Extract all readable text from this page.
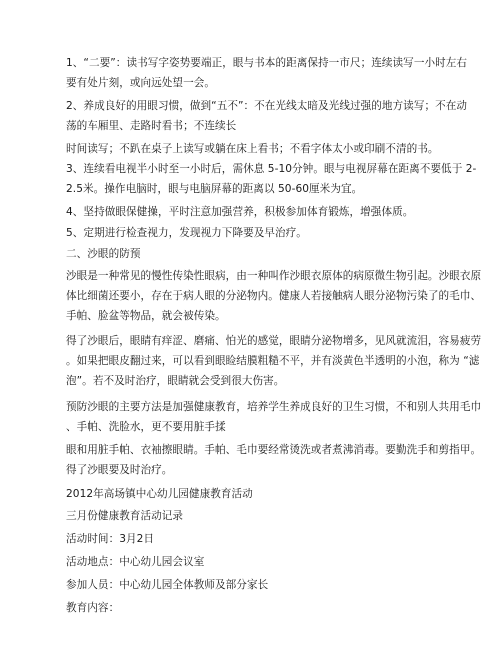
1、“二要”：读书写字姿势要端正，眼与书本的距离保持一市尺；连续读写一小时左右
要有处片刻，或向远处望一会。
2、养成良好的用眼习惯，做到“五不”：不在光线太暗及光线过强的地方读写；不在动
荡的车厢里、走路时看书；不连续长
时间读写；不趴在桌子上读写或躺在床上看书；不看字体太小或印刷不清的书。
3、连续看电视半小时至一小时后，需休息 5-10分钟。眼与电视屏幕在距离不要低于 2-
2.5米。操作电脑时，眼与电脑屏幕的距离以 50-60厘米为宜。
4、坚持做眼保健操，平时注意加强营养，积极参加体育锻炼，增强体质。
5、定期进行检查视力，发现视力下降要及早治疗。
二、沙眼的防预
沙眼是一种常见的慢性传染性眼病，由一种叫作沙眼衣原体的病原微生物引起。沙眼衣原
体比细菌还要小，存在于病人眼的分泌物内。健康人若接触病人眼分泌物污染了的毛巾、
手帕、脸盆等物品，就会被传染。
得了沙眼后，眼睛有痒涩、磨痛、怕光的感觉，眼睛分泌物增多，见风就流泪，容易疲劳
。如果把眼皮翻过来，可以看到眼睑结膜粗糙不平，并有淡黄色半透明的小泡，称为 “滤
泡”。若不及时治疗，眼睛就会受到很大伤害。
预防沙眼的主要方法是加强健康教育，培养学生养成良好的卫生习惯，不和别人共用毛巾
、手帕、洗脸水，更不要用脏手揉
眼和用脏手帕、衣袖擦眼睛。手帕、毛巾要经常烫洗或者煮沸消毒。要勤洗手和剪指甲。
得了沙眼要及时治疗。
2012年高场镇中心幼儿园健康教育活动
三月份健康教育活动记录
活动时间：3月2日
活动地点：中心幼儿园会议室
参加人员：中心幼儿园全体教师及部分家长
教育内容：
